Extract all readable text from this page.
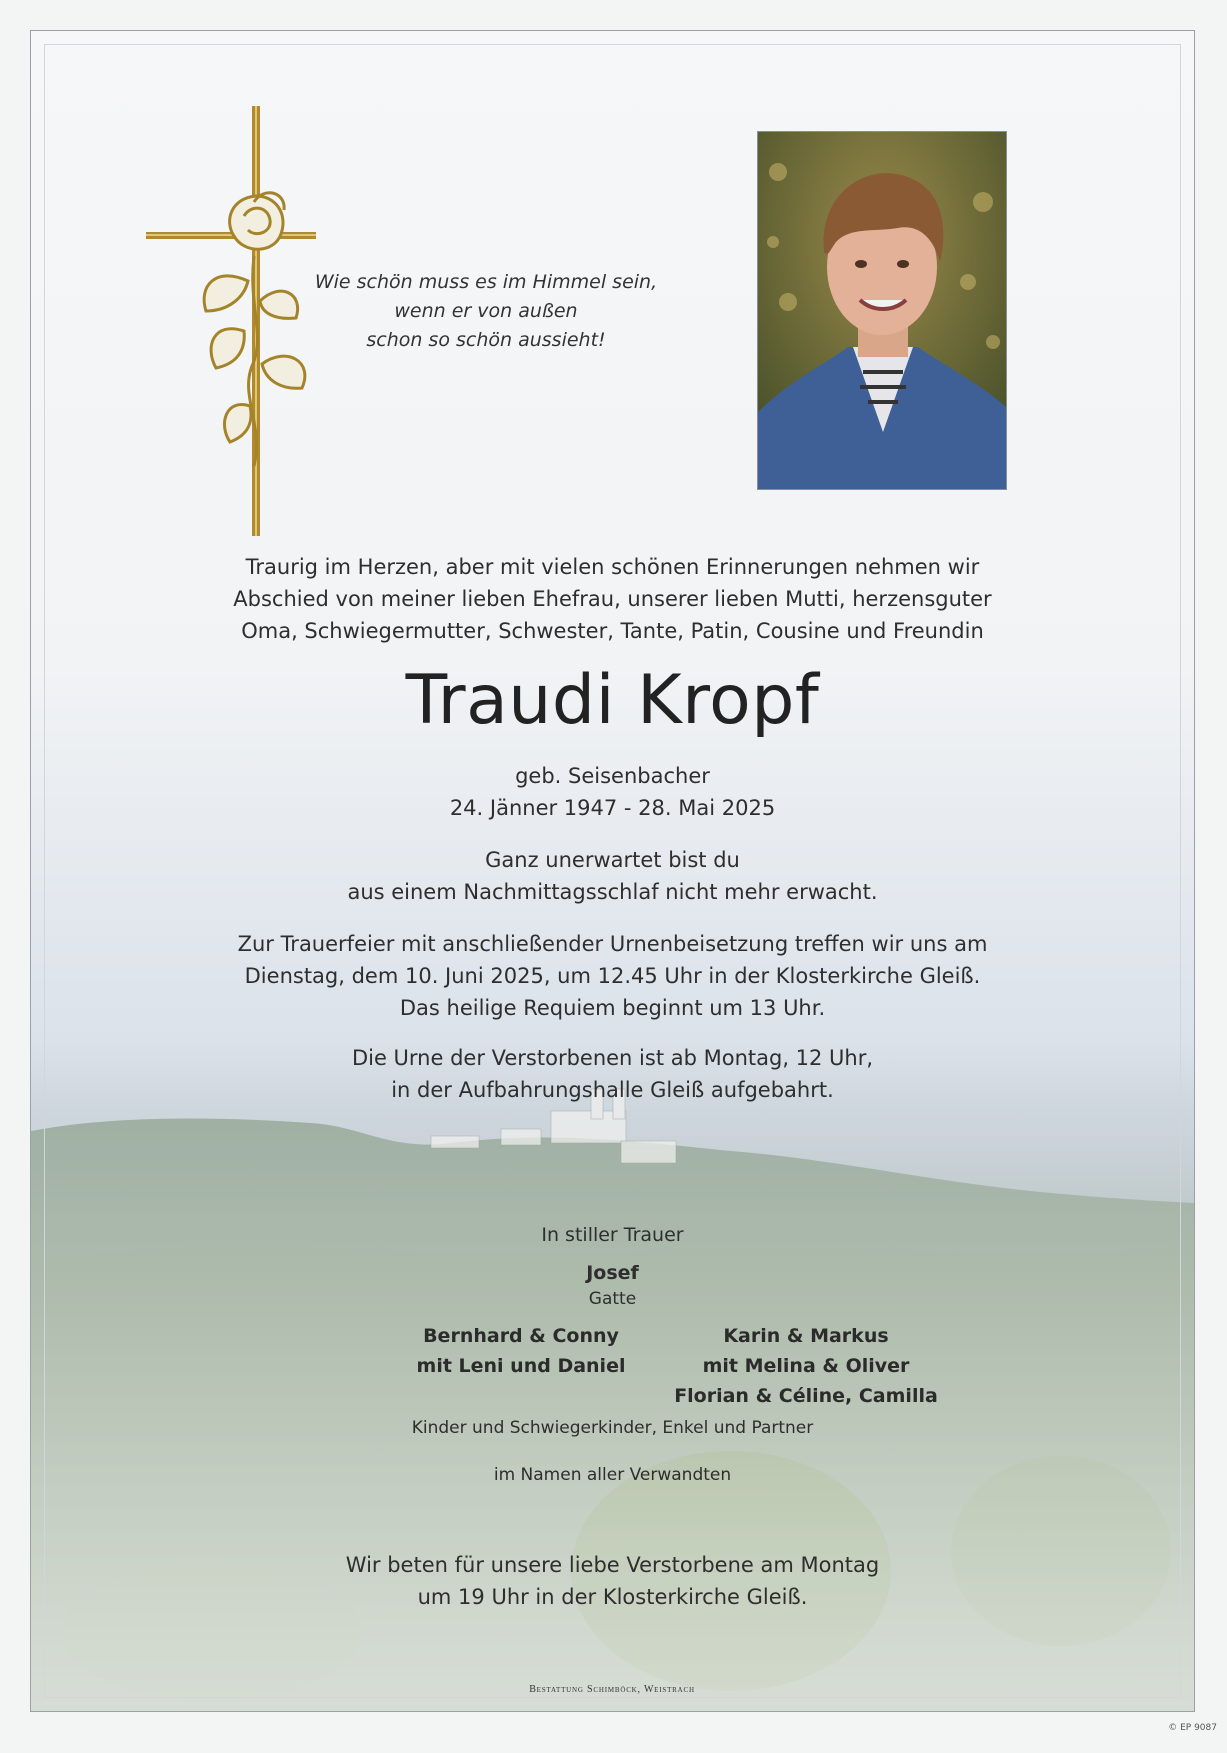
Wie schön muss es im Himmel sein,
wenn er von außen
schon so schön aussieht!
Traurig im Herzen, aber mit vielen schönen Erinnerungen nehmen wir
Abschied von meiner lieben Ehefrau, unserer lieben Mutti, herzensguter
Oma, Schwiegermutter, Schwester, Tante, Patin, Cousine und Freundin
Traudi Kropf
geb. Seisenbacher
24. Jänner 1947 - 28. Mai 2025
Ganz unerwartet bist du
aus einem Nachmittagsschlaf nicht mehr erwacht.
Zur Trauerfeier mit anschließender Urnenbeisetzung treffen wir uns am
Dienstag, dem 10. Juni 2025, um 12.45 Uhr in der Klosterkirche Gleiß.
Das heilige Requiem beginnt um 13 Uhr.
Die Urne der Verstorbenen ist ab Montag, 12 Uhr,
in der Aufbahrungshalle Gleiß aufgebahrt.
In stiller Trauer
Josef
Gatte
Bernhard & Conny
mit Leni und Daniel
Karin & Markus
mit Melina & Oliver
Florian & Céline, Camilla
Kinder und Schwiegerkinder, Enkel und Partner
im Namen aller Verwandten
Wir beten für unsere liebe Verstorbene am Montag
um 19 Uhr in der Klosterkirche Gleiß.
Bestattung Schimböck, Weistrach
© EP 9087
